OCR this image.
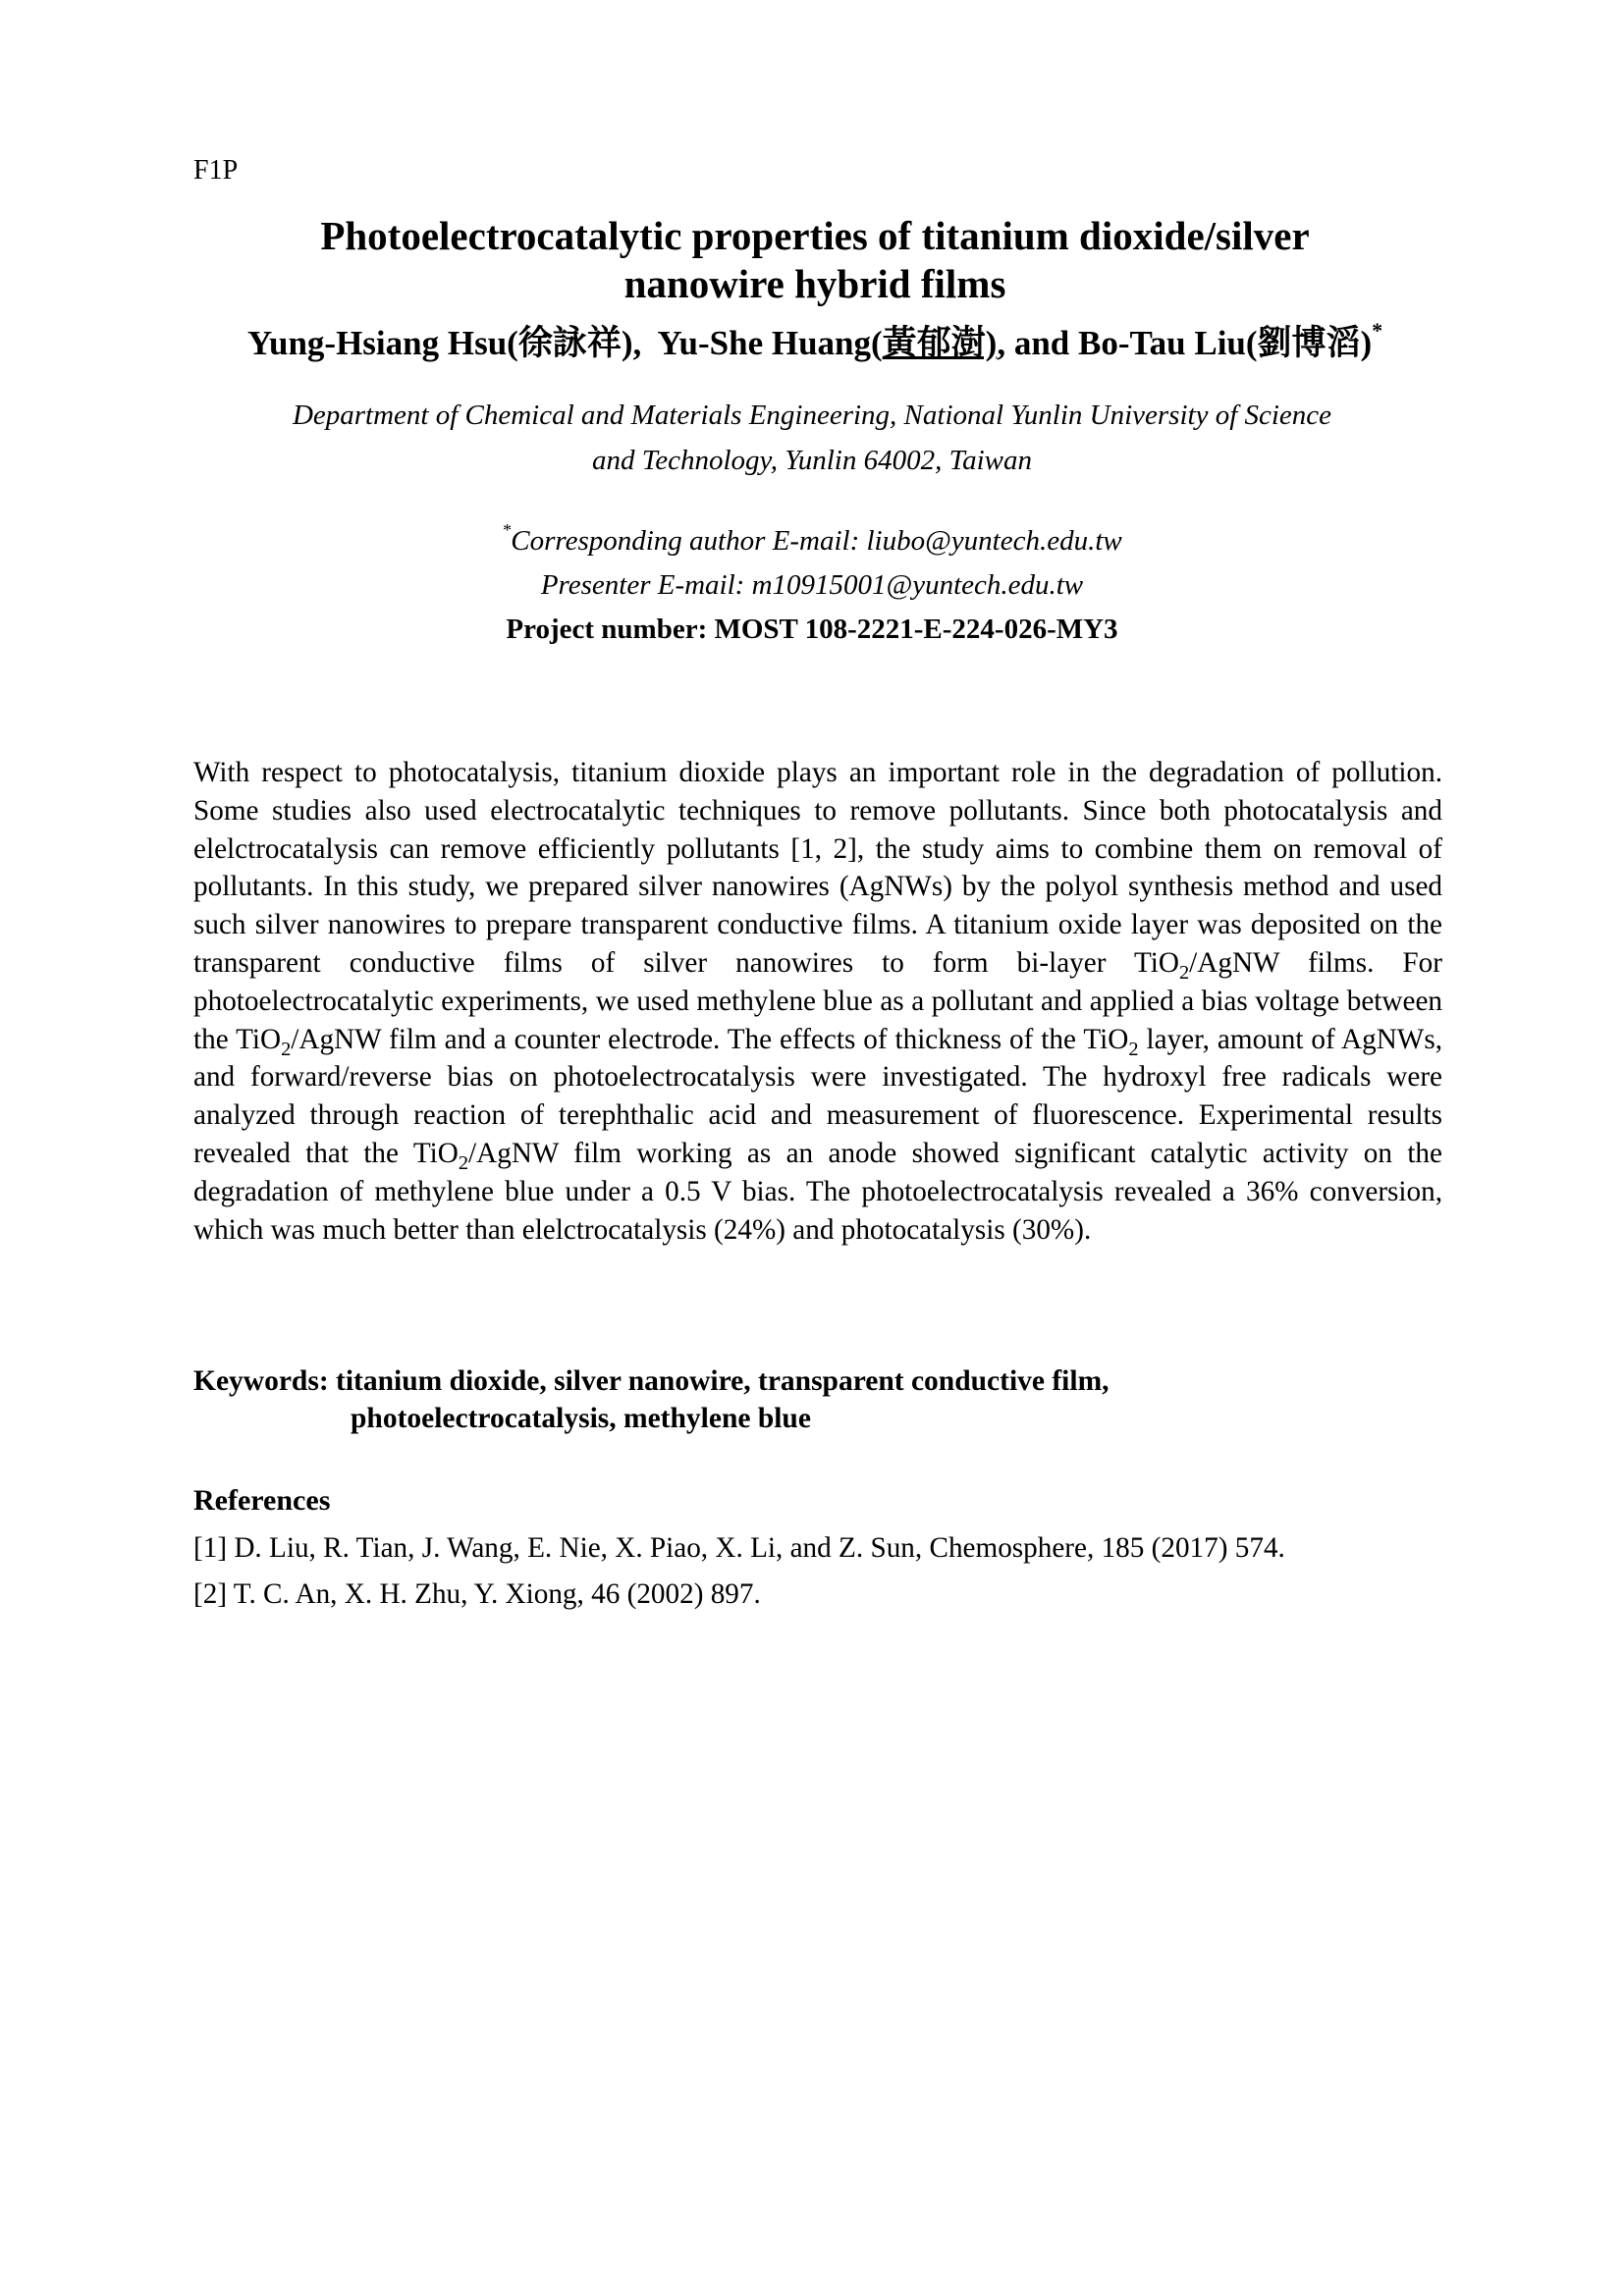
F1P
Photoelectrocatalytic properties of titanium dioxide/silver
nanowire hybrid films
Yung-Hsiang Hsu(徐詠祥), Yu-She Huang(黃郁澍), and Bo-Tau Liu(劉博滔)*
Department of Chemical and Materials Engineering, National Yunlin University of Science
and Technology, Yunlin 64002, Taiwan
*Corresponding author E-mail: liubo@yuntech.edu.tw
Presenter E-mail: m10915001@yuntech.edu.tw
Project number: MOST 108-2221-E-224-026-MY3

With respect to photocatalysis, titanium dioxide plays an important role in the degradation of pollution. Some studies also used electrocatalytic techniques to remove pollutants. Since both photocatalysis and elelctrocatalysis can remove efficiently pollutants [1, 2], the study aims to combine them on removal of pollutants. In this study, we prepared silver nanowires (AgNWs) by the polyol synthesis method and used such silver nanowires to prepare transparent conductive films. A titanium oxide layer was deposited on the transparent conductive films of silver nanowires to form bi-layer TiO$_2$/AgNW films. For photoelectrocatalytic experiments, we used methylene blue as a pollutant and applied a bias voltage between the TiO$_2$/AgNW film and a counter electrode. The effects of thickness of the TiO$_2$ layer, amount of AgNWs, and forward/reverse bias on photoelectrocatalysis were investigated. The hydroxyl free radicals were analyzed through reaction of terephthalic acid and measurement of fluorescence. Experimental results revealed that the TiO$_2$/AgNW film working as an anode showed significant catalytic activity on the degradation of methylene blue under a 0.5 V bias. The photoelectrocatalysis revealed a 36% conversion, which was much better than elelctrocatalysis (24%) and photocatalysis (30%).

Keywords: titanium dioxide, silver nanowire, transparent conductive film,
photoelectrocatalysis, methylene blue
References
[1] D. Liu, R. Tian, J. Wang, E. Nie, X. Piao, X. Li, and Z. Sun, Chemosphere, 185 (2017) 574.
[2] T. C. An, X. H. Zhu, Y. Xiong, 46 (2002) 897.
